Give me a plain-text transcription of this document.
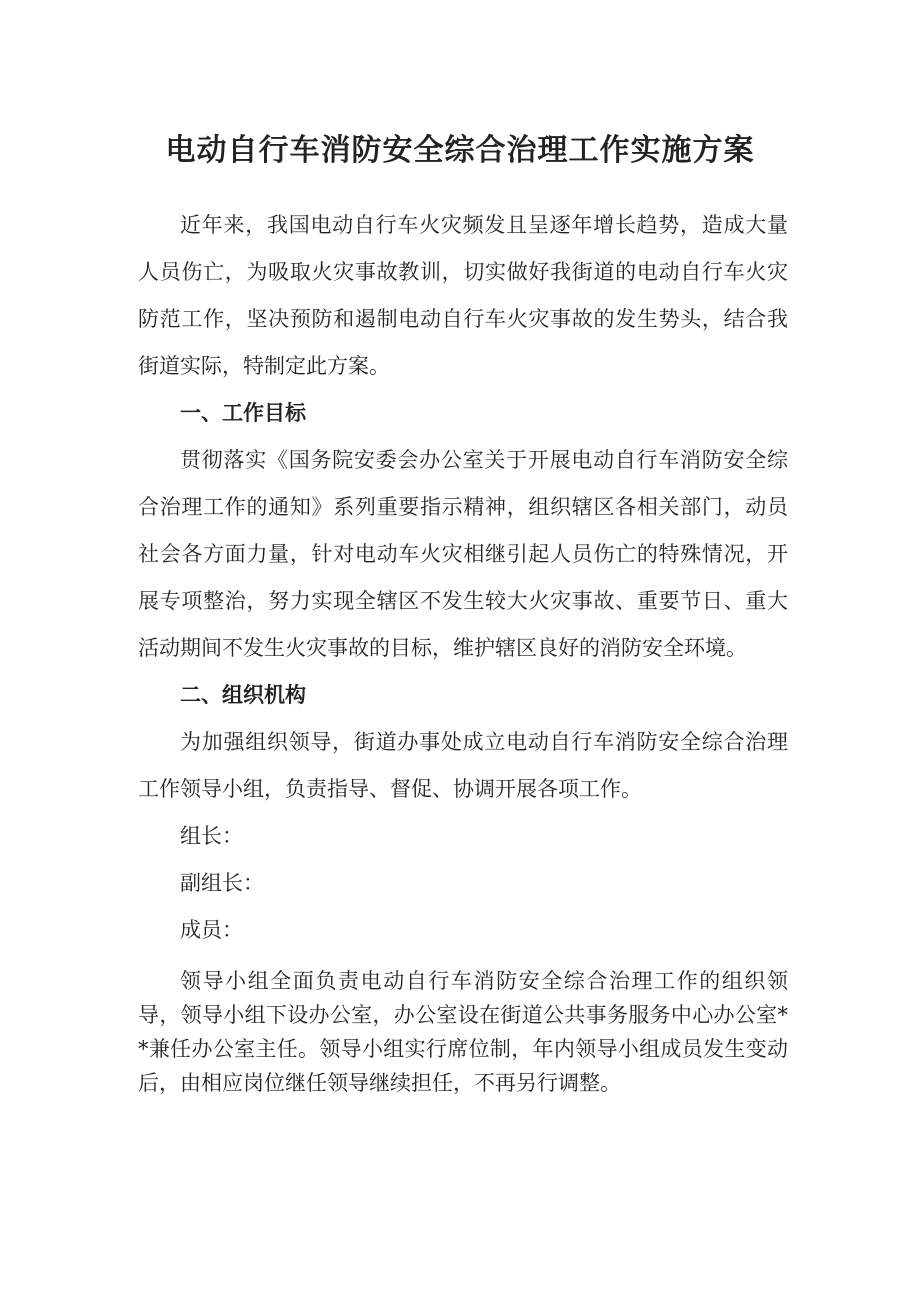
电动自行车消防安全综合治理工作实施方案

近年来，我国电动自行车火灾频发且呈逐年增长趋势，造成大量人员伤亡，为吸取火灾事故教训，切实做好我街道的电动自行车火灾防范工作，坚决预防和遏制电动自行车火灾事故的发生势头，结合我街道实际，特制定此方案。

一、工作目标

贯彻落实《国务院安委会办公室关于开展电动自行车消防安全综合治理工作的通知》系列重要指示精神，组织辖区各相关部门，动员社会各方面力量，针对电动车火灾相继引起人员伤亡的特殊情况，开展专项整治，努力实现全辖区不发生较大火灾事故、重要节日、重大活动期间不发生火灾事故的目标，维护辖区良好的消防安全环境。

二、组织机构

为加强组织领导，街道办事处成立电动自行车消防安全综合治理工作领导小组，负责指导、督促、协调开展各项工作。

组长：

副组长：

成员：

领导小组全面负责电动自行车消防安全综合治理工作的组织领导，领导小组下设办公室，办公室设在街道公共事务服务中心办公室**兼任办公室主任。领导小组实行席位制，年内领导小组成员发生变动后，由相应岗位继任领导继续担任，不再另行调整。
